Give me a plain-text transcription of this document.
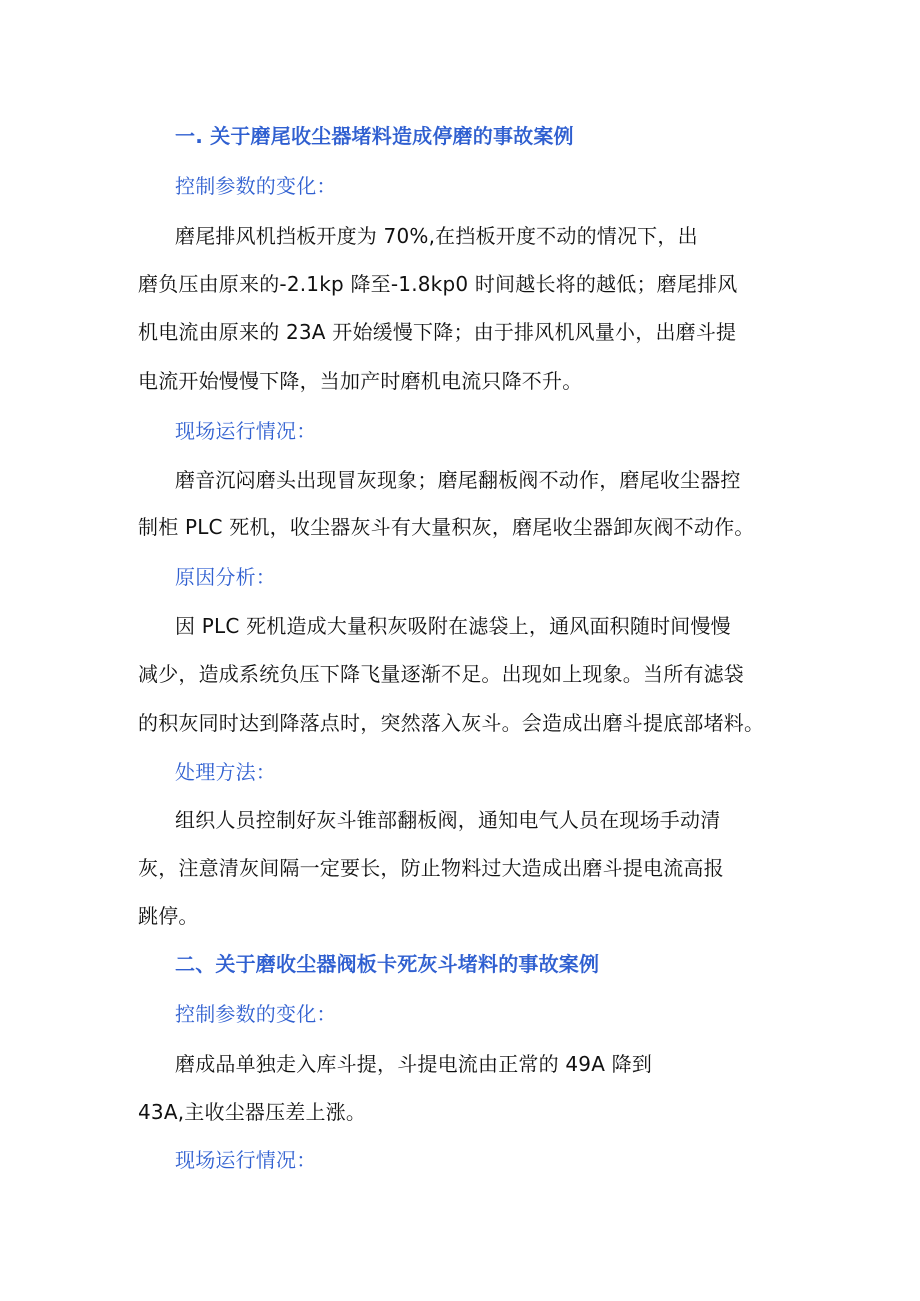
一. 关于磨尾收尘器堵料造成停磨的事故案例
控制参数的变化：
磨尾排风机挡板开度为 70%,在挡板开度不动的情况下，出
磨负压由原来的-2.1kp 降至-1.8kp0 时间越长将的越低；磨尾排风
机电流由原来的 23A 开始缓慢下降；由于排风机风量小，出磨斗提
电流开始慢慢下降，当加产时磨机电流只降不升。
现场运行情况：
磨音沉闷磨头出现冒灰现象；磨尾翻板阀不动作，磨尾收尘器控
制柜 PLC 死机，收尘器灰斗有大量积灰，磨尾收尘器卸灰阀不动作。
原因分析：
因 PLC 死机造成大量积灰吸附在滤袋上，通风面积随时间慢慢
减少，造成系统负压下降飞量逐渐不足。出现如上现象。当所有滤袋
的积灰同时达到降落点时，突然落入灰斗。会造成出磨斗提底部堵料。
处理方法：
组织人员控制好灰斗锥部翻板阀，通知电气人员在现场手动清
灰，注意清灰间隔一定要长，防止物料过大造成出磨斗提电流高报
跳停。
二、关于磨收尘器阀板卡死灰斗堵料的事故案例
控制参数的变化：
磨成品单独走入库斗提，斗提电流由正常的 49A 降到
43A,主收尘器压差上涨。
现场运行情况：
